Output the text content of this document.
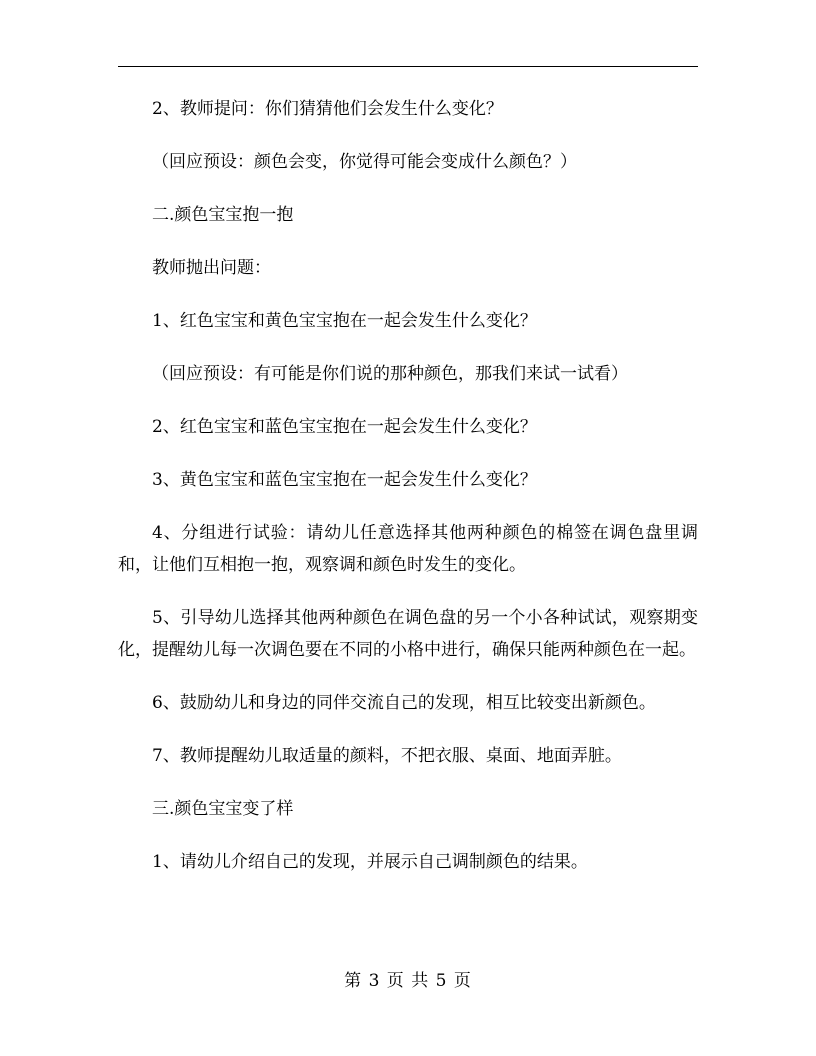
2、教师提问：你们猜猜他们会发生什么变化？

（回应预设：颜色会变，你觉得可能会变成什么颜色？）

二.颜色宝宝抱一抱

教师抛出问题：

1、红色宝宝和黄色宝宝抱在一起会发生什么变化？

（回应预设：有可能是你们说的那种颜色，那我们来试一试看）

2、红色宝宝和蓝色宝宝抱在一起会发生什么变化？

3、黄色宝宝和蓝色宝宝抱在一起会发生什么变化？

4、分组进行试验：请幼儿任意选择其他两种颜色的棉签在调色盘里调和，让他们互相抱一抱，观察调和颜色时发生的变化。

5、引导幼儿选择其他两种颜色在调色盘的另一个小各种试试，观察期变化，提醒幼儿每一次调色要在不同的小格中进行，确保只能两种颜色在一起。

6、鼓励幼儿和身边的同伴交流自己的发现，相互比较变出新颜色。

7、教师提醒幼儿取适量的颜料，不把衣服、桌面、地面弄脏。

三.颜色宝宝变了样

1、请幼儿介绍自己的发现，并展示自己调制颜色的结果。

第 3 页 共 5 页
